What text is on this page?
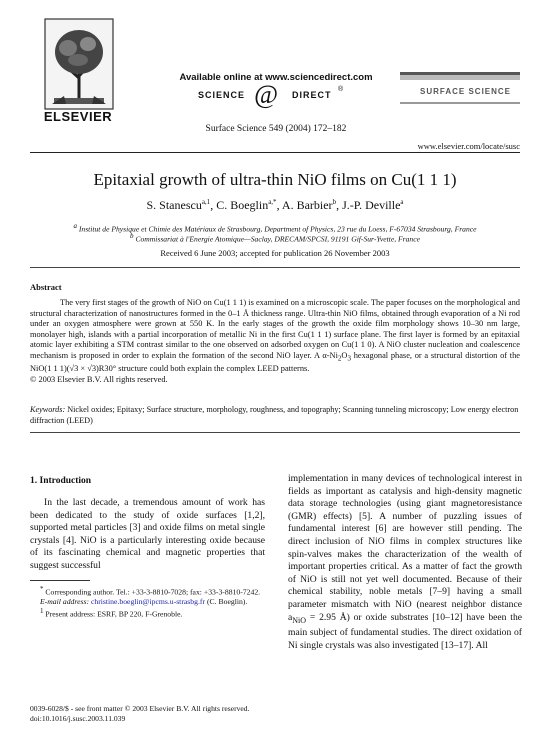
ELSEVIER
Available online at www.sciencedirect.com
SCIENCE @ DIRECT
®
Surface Science 549 (2004) 172–182
SURFACE SCIENCE
www.elsevier.com/locate/susc
Epitaxial growth of ultra-thin NiO films on Cu(1 1 1)
S. Stanescu$^{a,1}$, C. Boeglin$^{a,*}$, A. Barbier$^b$, J.-P. Deville$^a$
$^a$ Institut de Physique et Chimie des Matériaux de Strasbourg, Department of Physics, 23 rue du Loess, F-67034 Strasbourg, France
$^b$ Commissariat à l'Energie Atomique—Saclay, DRECAM/SPCSI, 91191 Gif-Sur-Yvette, France
Received 6 June 2003; accepted for publication 26 November 2003
Abstract
The very first stages of the growth of NiO on Cu(1 1 1) is examined on a microscopic scale. The paper focuses on the morphological and structural characterization of nanostructures formed in the 0–1 Å thickness range. Ultra-thin NiO films, obtained through evaporation of a Ni rod under an oxygen atmosphere were grown at 550 K. In the early stages of the growth the oxide film morphology shows 10–30 nm large, monolayer high, islands with a partial incorporation of metallic Ni in the first Cu(1 1 1) surface plane. The first layer is formed by an epitaxial atomic layer exhibiting a STM contrast similar to the one observed on adsorbed oxygen on Cu(1 1 0). A NiO cluster nucleation and coalescence mechanism is proposed in order to explain the formation of the second NiO layer. A $\alpha-Ni_2O_3$ hexagonal phase, or a structural distortion of the NiO(1 1 1)(√3 × √3)R30° structure could both explain the complex LEED patterns.
© 2003 Elsevier B.V. All rights reserved.
Keywords: Nickel oxides; Epitaxy; Surface structure, morphology, roughness, and topography; Scanning tunneling microscopy; Low energy electron diffraction (LEED)
1. Introduction
In the last decade, a tremendous amount of work has been dedicated to the study of oxide surfaces [1,2], supported metal particles [3] and oxide films on metal single crystals [4]. NiO is a particularly interesting oxide because of its fascinating chemical and magnetic properties that suggest successful
implementation in many devices of technological interest in fields as important as catalysis and high-density magnetic data storage technologies (using giant magnetoresistance (GMR) effects) [5]. A number of puzzling issues of fundamental interest [6] are however still pending. The direct inclusion of NiO films in complex structures like spin-valves makes the characterization of the wealth of important properties critical. As a matter of fact the growth of NiO is still not yet well documented. Because of their chemical stability, noble metals [7–9] having a small parameter mismatch with NiO (nearest neighbor distance $a_{NiO} = 2.95$ Å) or oxide substrates [10–12] have been the main subject of fundamental studies. The direct oxidation of Ni single crystals was also investigated [13–17]. All

* Corresponding author. Tel.: +33-3-8810-7028; fax: +33-3-8810-7242.

E-mail address: christine.boeglin@ipcms.u-strasbg.fr (C. Boeglin).

$^1$ Present address: ESRF, BP 220, F-Grenoble.

0039-6028/$ - see front matter © 2003 Elsevier B.V. All rights reserved.
doi:10.1016/j.susc.2003.11.039
